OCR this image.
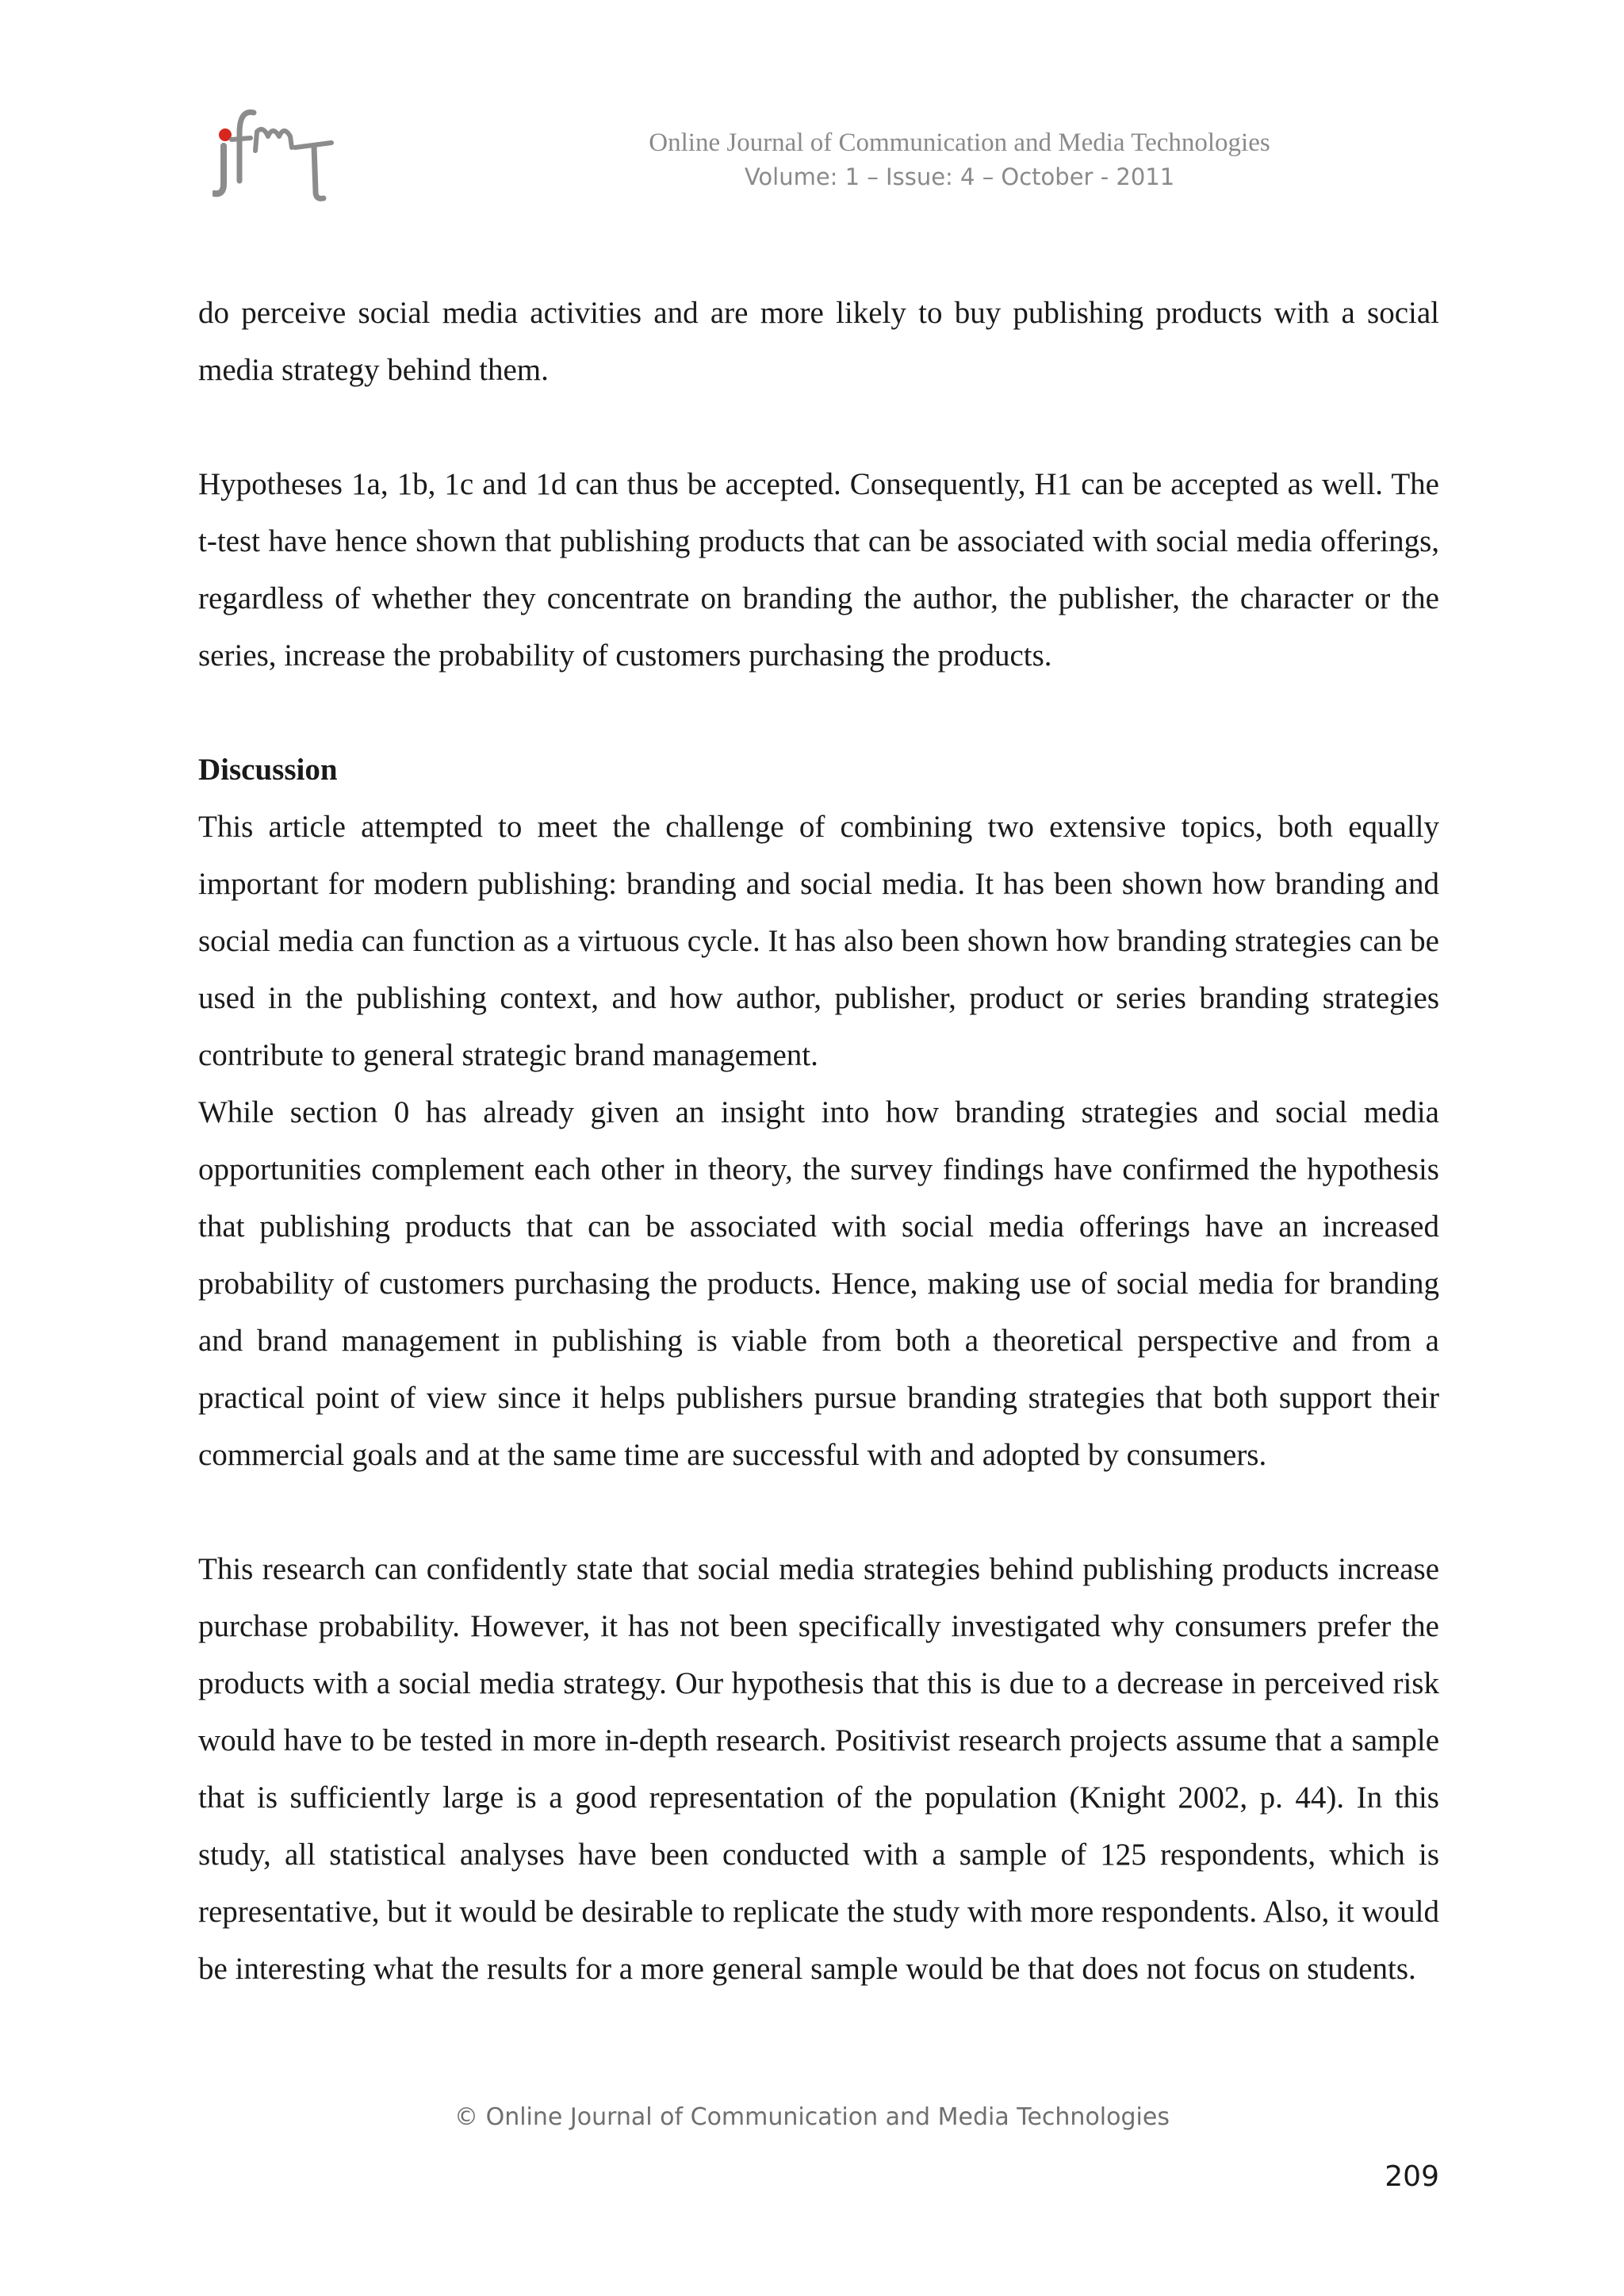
Online Journal of Communication and Media Technologies
Volume: 1 – Issue: 4 – October - 2011

do perceive social media activities and are more likely to buy publishing products with a social media strategy behind them.

Hypotheses 1a, 1b, 1c and 1d can thus be accepted. Consequently, H1 can be accepted as well. The t-test have hence shown that publishing products that can be associated with social media offerings, regardless of whether they concentrate on branding the author, the publisher, the character or the series, increase the probability of customers purchasing the products.

Discussion

This article attempted to meet the challenge of combining two extensive topics, both equally important for modern publishing: branding and social media. It has been shown how branding and social media can function as a virtuous cycle. It has also been shown how branding strategies can be used in the publishing context, and how author, publisher, product or series branding strategies contribute to general strategic brand management.

While section 0 has already given an insight into how branding strategies and social media opportunities complement each other in theory, the survey findings have confirmed the hypothesis that publishing products that can be associated with social media offerings have an increased probability of customers purchasing the products. Hence, making use of social media for branding and brand management in publishing is viable from both a theoretical perspective and from a practical point of view since it helps publishers pursue branding strategies that both support their commercial goals and at the same time are successful with and adopted by consumers.

This research can confidently state that social media strategies behind publishing products increase purchase probability. However, it has not been specifically investigated why consumers prefer the products with a social media strategy. Our hypothesis that this is due to a decrease in perceived risk would have to be tested in more in-depth research. Positivist research projects assume that a sample that is sufficiently large is a good representation of the population (Knight 2002, p. 44). In this study, all statistical analyses have been conducted with a sample of 125 respondents, which is representative, but it would be desirable to replicate the study with more respondents. Also, it would be interesting what the results for a more general sample would be that does not focus on students.

© Online Journal of Communication and Media Technologies
209
